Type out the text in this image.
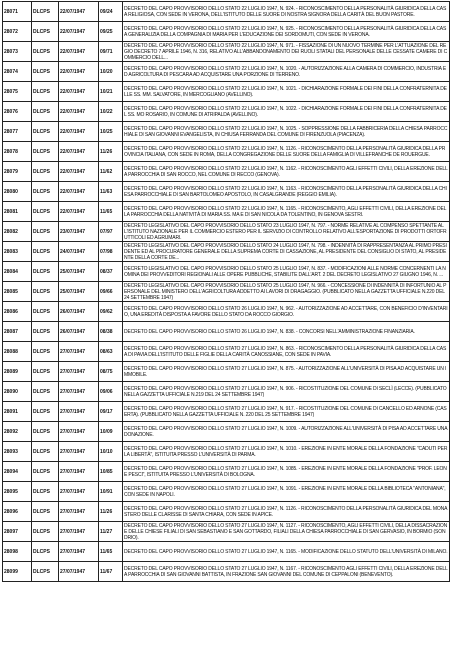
28071	DLCPS	22/07/1947	09/24	DECRETO DEL CAPO PROVVISORIO DELLO STATO 22 LUGLIO 1947, N. 924. - RICONOSCIMENTO DELLA PERSONALITÀ GIURIDICA DELLA CASA RELIGIOSA, CON SEDE IN VERONA, DELL'ISTITUTO DELLE SUORE DI NOSTRA SIGNORA DELLA CARITÀ DEL BUON PASTORE.
28072	DLCPS	22/07/1947	09/25	DECRETO DEL CAPO PROVVISORIO DELLO STATO 22 LUGLIO 1947, N. 925. - RICONOSCIMENTO DELLA PERSONALITÀ GIURIDICA DELLA CASA GENERALIZIA DELLA COMPAGNIA DI MARIA PER L'EDUCAZIONE DEI SORDOMUTI, CON SEDE IN VERONA.
28073	DLCPS	22/07/1947	09/71	DECRETO DEL CAPO PROVVISORIO DELLO STATO 22 LUGLIO 1947, N. 971. - FISSAZIONE DI UN NUOVO TERMINE PER L'ATTUAZIONE DEL REGIO DECRETO 7 APRILE 1946, N. 316, RELATIVO ALL'ABBANDONAMENTO DEI RUOLI STATALI DEL PERSONALE DELLE CESSATE CAMERE DI COMMERCIO DELL...
28074	DLCPS	22/07/1947	10/20	DECRETO DEL CAPO PROVVISORIO DELLO STATO 22 LUGLIO 1947, N. 1020. - AUTORIZZAZIONE ALLA CAMERA DI COMMERCIO, INDUSTRIA ED AGRICOLTURA DI PESCARA AD ACQUISTARE UNA PORZIONE DI TERRENO.
28075	DLCPS	22/07/1947	10/21	DECRETO DEL CAPO PROVVISORIO DELLO STATO 22 LUGLIO 1947, N. 1021. - DICHIARAZIONE FORMALE DEI FINI DELLA CONFRATERNITA DELLE SS. MM. SALVATORE, IN MERCOGLIANO (AVELLINO).
28076	DLCPS	22/07/1947	10/22	DECRETO DEL CAPO PROVVISORIO DELLO STATO 22 LUGLIO 1947, N. 1022. - DICHIARAZIONE FORMALE DEI FINI DELLA CONFRATERNITA DEL SS. MO ROSARIO, IN COMUNE DI ATRIPALDA (AVELLINO).
28077	DLCPS	22/07/1947	10/25	DECRETO DEL CAPO PROVVISORIO DELLO STATO 22 LUGLIO 1947, N. 1025. - SOPPRESSIONE DELLA FABBRICERIA DELLA CHIESA PARROCCHIALE DI SAN GIOVANNI EVANGELISTA, IN CHIUSA FERRANDA DEL COMUNE DI FIRENZUOLA (PIACENZA).
28078	DLCPS	22/07/1947	11/26	DECRETO DEL CAPO PROVVISORIO DELLO STATO 22 LUGLIO 1947, N. 1126. - RICONOSCIMENTO DELLA PERSONALITÀ GIURIDICA DELLA PROVINCIA ITALIANA, CON SEDE IN ROMA, DELLA CONGREGAZIONE DELLE SUORE DELLA FAMIGLIA DI VILLEFRANCHE DE ROUERGUE.
28079	DLCPS	22/07/1947	11/62	DECRETO DEL CAPO PROVVISORIO DELLO STATO 22 LUGLIO 1947, N. 1162. - RICONOSCIMENTO AGLI EFFETTI CIVILI, DELLA EREZIONE DELLA PARROCCHIA DI SAN ROCCO, NEL COMUNE DI RECCO (GENOVA).
28080	DLCPS	22/07/1947	11/63	DECRETO DEL CAPO PROVVISORIO DELLO STATO 22 LUGLIO 1947, N. 1163. - RICONOSCIMENTO DELLA PERSONALITÀ GIURIDICA DELLA CHIESA PARROCCHIALE DI SAN BARTOLOMEO APOSTOLO, IN CASALGRANDE (REGGIO EMILIA).
28081	DLCPS	22/07/1947	11/65	DECRETO DEL CAPO PROVVISORIO DELLO STATO 22 LUGLIO 1947, N. 1165. - RICONOSCIMENTO, AGLI EFFETTI CIVILI, DELLA EREZIONE DELLA PARROCCHIA DELLA NATIVITÀ DI MARIA SS. MA E DI SAN NICOLA DA TOLENTINO, IN GENOVA SESTRI.
28082	DLCPS	23/07/1947	07/97	DECRETO LEGISLATIVO DEL CAPO PROVVISORIO DELLO STATO 23 LUGLIO 1947, N. 797. - NORME RELATIVE AL COMPENSO SPETTANTE ALL'ISTITUTO NAZIONALE PER IL COMMERCIO ESTERO PER IL SERVIZIO DI CONTROLLO RELATIVO ALL'ESPORTAZIONE DI PRODOTTI ORTOFRUTTICOLI ED AGRUMARI.
28083	DLCPS	24/07/1947	07/98	DECRETO LEGISLATIVO DEL CAPO PROVVISORIO DELLO STATO 24 LUGLIO 1947, N. 798. - INDENNITÀ DI RAPPRESENTANZA AL PRIMO PRESIDENTE ED AL PROCURATORE GENERALE DELLA SUPREMA CORTE DI CASSAZIONE, AL PRESIDENTE DEL CONSIGLIO DI STATO, AL PRESIDENTE DELLA CORTE DE...
28084	DLCPS	25/07/1947	08/37	DECRETO LEGISLATIVO DEL CAPO PROVVISORIO DELLO STATO 25 LUGLIO 1947, N. 837. - MODIFICAZIONI ALLE NORME CONCERNENTI LA NOMINA DEI PROVVEDITORI REGIONALI ALLE OPERE PUBBLICHE, STABILITE DALL'ART. 2 DEL DECRETO LEGISLATIVO 27 GIUGNO 1946, N. ...
28085	DLCPS	25/07/1947	09/66	DECRETO LEGISLATIVO DEL CAPO PROVVISORIO DELLO STATO 25 LUGLIO 1947, N. 966. - CONCESSIONE DI INDENNITÀ DI INFORTUNIO AL PERSONALE DEL MINISTERO DELL'AGRICOLTURA ADDETTO AI LAVORI DI DRAGAGGIO. (PUBBLICATO NELLA GAZZETTA UFFICIALE N.220 DEL 24 SETTEMBRE 1947)
28086	DLCPS	26/07/1947	09/62	DECRETO DEL CAPO PROVVISORIO DELLO STATO 26 LUGLIO 1947, N. 962. - AUTORIZZAZIONE AD ACCETTARE, CON BENEFICIO D'INVENTARIO, UNA EREDITÀ DISPOSTA A FAVORE DELLO STATO DA ROCCO GIORGIO.
28087	DLCPS	26/07/1947	08/38	DECRETO DEL CAPO PROVVISORIO DELLO STATO 26 LUGLIO 1947, N. 838. - CONCORSI NELL'AMMINISTRAZIONE FINANZIARIA.
28088	DLCPS	27/07/1947	08/63	DECRETO DEL CAPO PROVVISORIO DELLO STATO 27 LUGLIO 1947, N. 863. - RICONOSCIMENTO DELLA PERSONALITÀ GIURIDICA DELLA CASA DI PAVIA DELL'ISTITUTO DELLE FIGLIE DELLA CARITÀ CANOSSIANE, CON SEDE IN PAVIA.
28089	DLCPS	27/07/1947	08/75	DECRETO DEL CAPO PROVVISORIO DELLO STATO 27 LUGLIO 1947, N. 875. - AUTORIZZAZIONE ALL'UNIVERSITÀ DI PISA AD ACQUISTARE UN IMMOBILE.
28090	DLCPS	27/07/1947	09/06	DECRETO DEL CAPO PROVVISORIO DELLO STATO 27 LUGLIO 1947, N. 906. - RICOSTITUZIONE DEL COMUNE DI SECLÌ (LECCE). (PUBBLICATO NELLA GAZZETTA UFFICIALE N.219 DEL 24 SETTEMBRE 1947)
28091	DLCPS	27/07/1947	09/17	DECRETO DEL CAPO PROVVISORIO DELLO STATO 27 LUGLIO 1947, N. 917. - RICOSTITUZIONE DEL COMUNE DI CANCELLO ED ARNONE (CASERTA). (PUBBLICATO NELLA GAZZETTA UFFICIALE N. 220 DEL 25 SETTEMBRE 1947)
28092	DLCPS	27/07/1947	10/09	DECRETO DEL CAPO PROVVISORIO DELLO STATO 27 LUGLIO 1947, N. 1009. - AUTORIZZAZIONE ALL'UNIVERSITÀ DI PISA AD ACCETTARE UNA DONAZIONE.
28093	DLCPS	27/07/1947	10/10	DECRETO DEL CAPO PROVVISORIO DELLO STATO 27 LUGLIO 1947, N. 1010. - EREZIONE IN ENTE MORALE DELLA FONDAZIONE "CADUTI PER LA LIBERTÀ", ISTITUITA PRESSO L'UNIVERSITÀ DI PARMA.
28094	DLCPS	27/07/1947	10/85	DECRETO DEL CAPO PROVVISORIO DELLO STATO 27 LUGLIO 1947, N. 1085. - EREZIONE IN ENTE MORALE DELLA FONDAZIONE "PROF. LEONE PESCI", ISTITUITA PRESSO L'UNIVERSITÀ DI BOLOGNA.
28095	DLCPS	27/07/1947	10/91	DECRETO DEL CAPO PROVVISORIO DELLO STATO 27 LUGLIO 1947, N. 1091. - EREZIONE IN ENTE MORALE DELLA BIBLIOTECA "ANTONIANA", CON SEDE IN NAPOLI.
28096	DLCPS	27/07/1947	11/26	DECRETO DEL CAPO PROVVISORIO DELLO STATO 27 LUGLIO 1947, N. 1126. - RICONOSCIMENTO DELLA PERSONALITÀ GIURIDICA DEL MONASTERO DELLE CLARISSE DI SANTA CHIARA, CON SEDE IN APICE.
28097	DLCPS	27/07/1947	11/27	DECRETO DEL CAPO PROVVISORIO DELLO STATO 27 LUGLIO 1947, N. 1127. - RICONOSCIMENTO, AGLI EFFETTI CIVILI, DELLA DISSACRAZIONE DELLE CHIESE FILIALI DI SAN SEBASTIANO E SAN GOTTARDO, FILIALI DELLA CHIESA PARROCCHIALE DI SAN GERVASIO, IN BORMIO (SONDRIO).
28098	DLCPS	27/07/1947	11/65	DECRETO DEL CAPO PROVVISORIO DELLO STATO 27 LUGLIO 1947, N. 1165. - MODIFICAZIONE DELLO STATUTO DELL'UNIVERSITÀ DI MILANO.
28099	DLCPS	27/07/1947	11/67	DECRETO DEL CAPO PROVVISORIO DELLO STATO 27 LUGLIO 1947, N. 1167. - RICONOSCIMENTO AGLI EFFETTI CIVILI, DELLA EREZIONE DELLA PARROCCHIA DI SAN GIOVANNI BATTISTA, IN FRAZIONE SAN GIOVANNI DEL COMUNE DI CEPPALONI (BENEVENTO).
